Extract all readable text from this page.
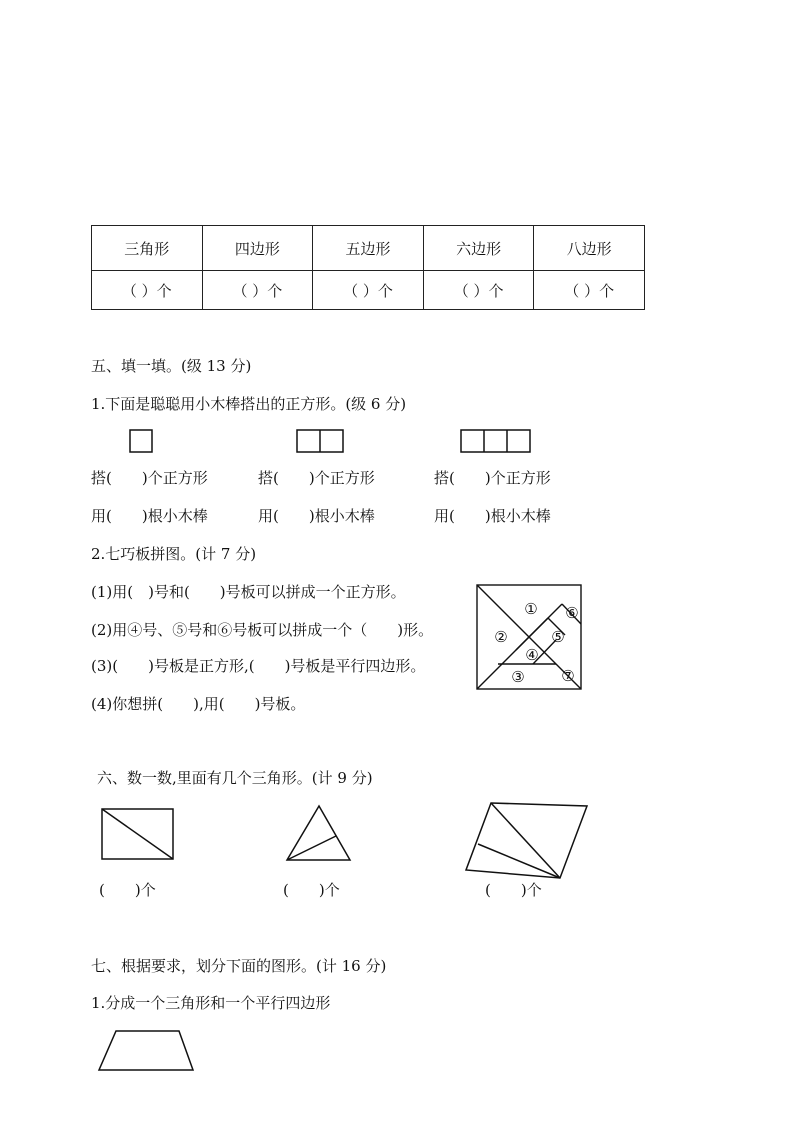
三角形	四边形	五边形	六边形	八边形
（ ）个	（ ）个	（ ）个	（ ）个	（ ）个
五、填一填。(级 13 分)
1.下面是聪聪用小木棒搭出的正方形。(级 6 分)
搭(　　)个正方形	搭(　　)个正方形	搭(　　)个正方形
用(　　)根小木棒	用(　　)根小木棒	用(　　)根小木棒
2.七巧板拼图。(计 7 分)
(1)用(　)号和(　　)号板可以拼成一个正方形。
(2)用④号、⑤号和⑥号板可以拼成一个（　　)形。
(3)(　　)号板是正方形,(　　)号板是平行四边形。
(4)你想拼(　　),用(　　)号板。
①
②
③
④
⑤
⑥
⑦
六、数一数,里面有几个三角形。(计 9 分)
(　　)个	(　　)个	(　　)个
七、根据要求，划分下面的图形。(计 16 分)
1.分成一个三角形和一个平行四边形
